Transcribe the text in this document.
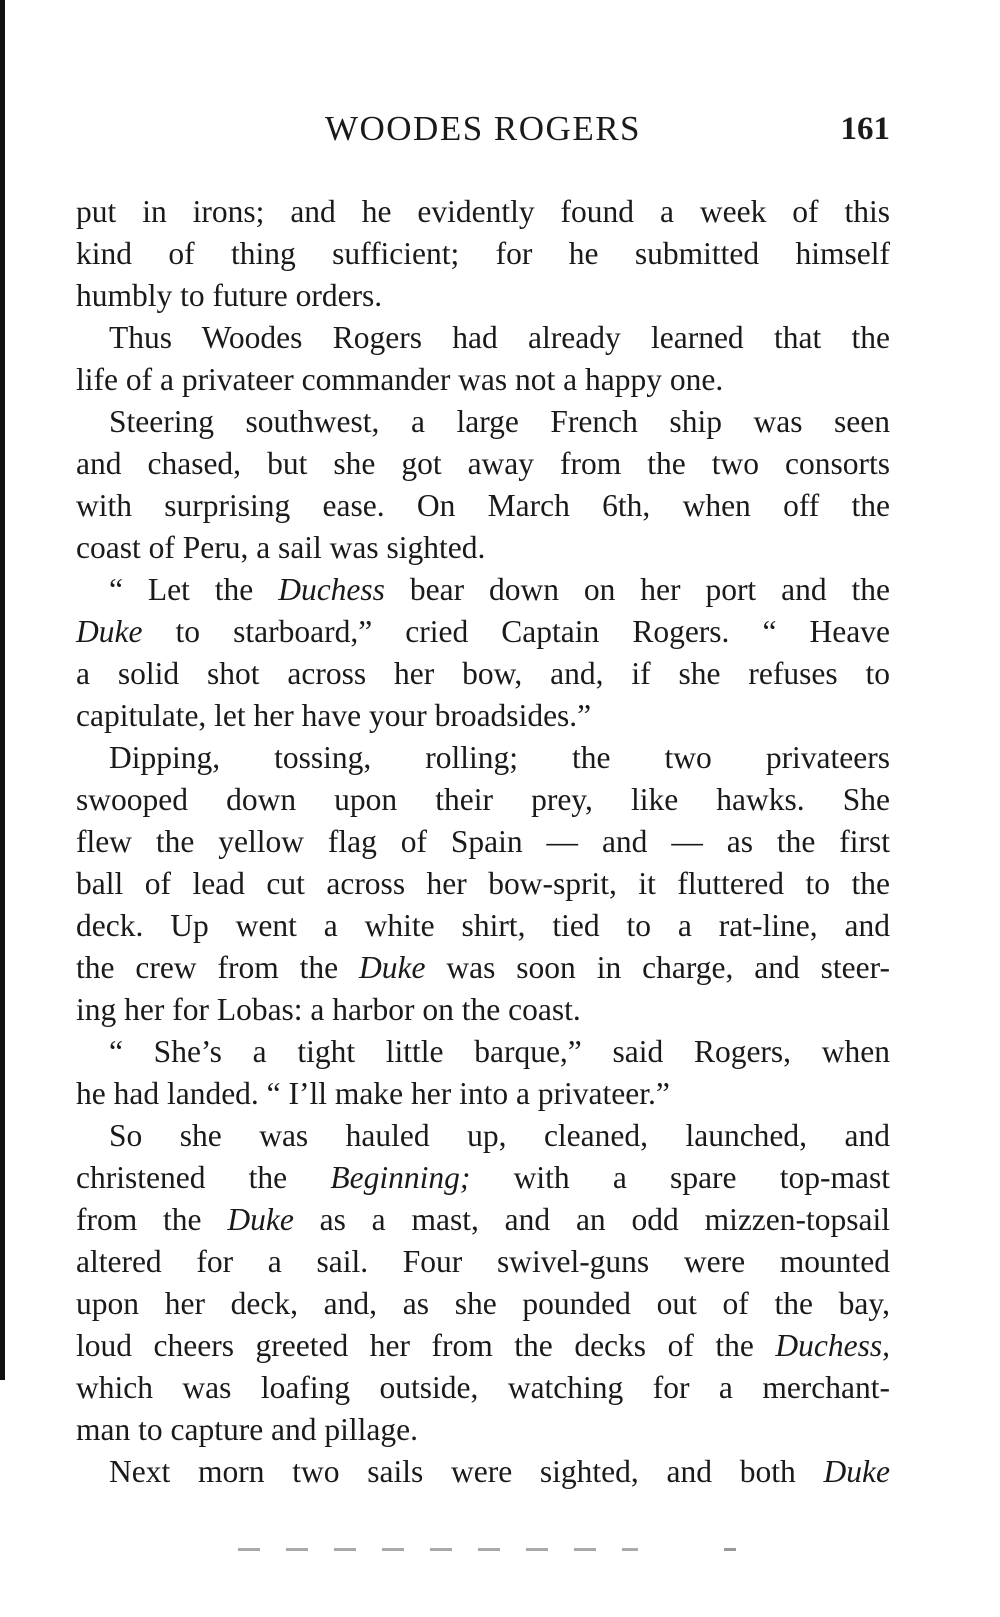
WOODES ROGERS	161
put in irons; and he evidently found a week of this
kind of thing sufficient; for he submitted himself
humbly to future orders.
Thus Woodes Rogers had already learned that the
life of a privateer commander was not a happy one.
Steering southwest, a large French ship was seen
and chased, but she got away from the two consorts
with surprising ease. On March 6th, when off the
coast of Peru, a sail was sighted.
“ Let the Duchess bear down on her port and the
Duke to starboard,” cried Captain Rogers. “ Heave
a solid shot across her bow, and, if she refuses to
capitulate, let her have your broadsides.”
Dipping, tossing, rolling; the two privateers
swooped down upon their prey, like hawks. She
flew the yellow flag of Spain — and — as the first
ball of lead cut across her bow-sprit, it fluttered to the
deck. Up went a white shirt, tied to a rat-line, and
the crew from the Duke was soon in charge, and steer-
ing her for Lobas: a harbor on the coast.
“ She’s a tight little barque,” said Rogers, when
he had landed. “ I’ll make her into a privateer.”
So she was hauled up, cleaned, launched, and
christened the Beginning; with a spare top-mast
from the Duke as a mast, and an odd mizzen-topsail
altered for a sail. Four swivel-guns were mounted
upon her deck, and, as she pounded out of the bay,
loud cheers greeted her from the decks of the Duchess,
which was loafing outside, watching for a merchant-
man to capture and pillage.
Next morn two sails were sighted, and both Duke
